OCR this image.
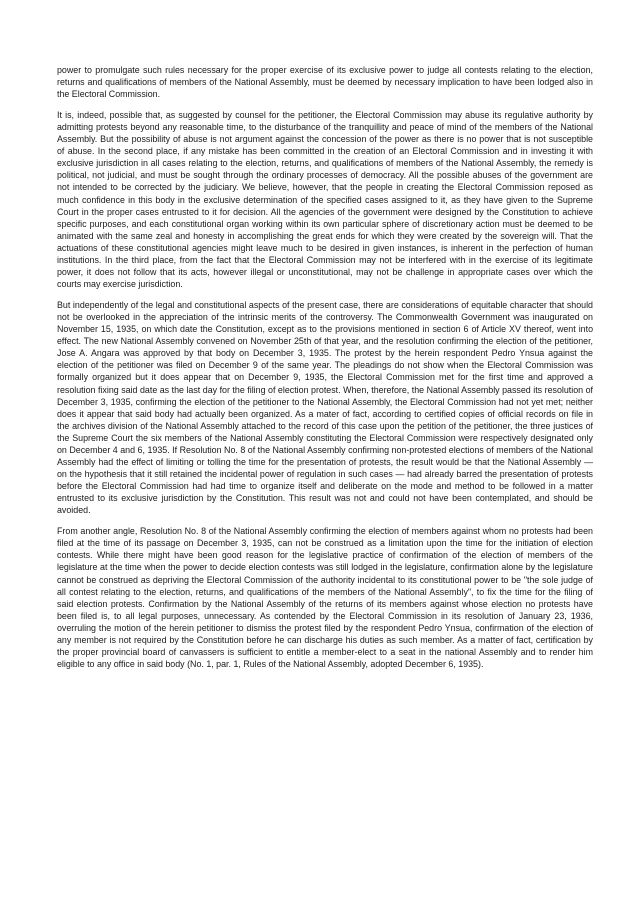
power to promulgate such rules necessary for the proper exercise of its exclusive power to judge all contests relating to the election, returns and qualifications of members of the National Assembly, must be deemed by necessary implication to have been lodged also in the Electoral Commission.

It is, indeed, possible that, as suggested by counsel for the petitioner, the Electoral Commission may abuse its regulative authority by admitting protests beyond any reasonable time, to the disturbance of the tranquillity and peace of mind of the members of the National Assembly. But the possibility of abuse is not argument against the concession of the power as there is no power that is not susceptible of abuse. In the second place, if any mistake has been committed in the creation of an Electoral Commission and in investing it with exclusive jurisdiction in all cases relating to the election, returns, and qualifications of members of the National Assembly, the remedy is political, not judicial, and must be sought through the ordinary processes of democracy. All the possible abuses of the government are not intended to be corrected by the judiciary. We believe, however, that the people in creating the Electoral Commission reposed as much confidence in this body in the exclusive determination of the specified cases assigned to it, as they have given to the Supreme Court in the proper cases entrusted to it for decision. All the agencies of the government were designed by the Constitution to achieve specific purposes, and each constitutional organ working within its own particular sphere of discretionary action must be deemed to be animated with the same zeal and honesty in accomplishing the great ends for which they were created by the sovereign will. That the actuations of these constitutional agencies might leave much to be desired in given instances, is inherent in the perfection of human institutions. In the third place, from the fact that the Electoral Commission may not be interfered with in the exercise of its legitimate power, it does not follow that its acts, however illegal or unconstitutional, may not be challenge in appropriate cases over which the courts may exercise jurisdiction.

But independently of the legal and constitutional aspects of the present case, there are considerations of equitable character that should not be overlooked in the appreciation of the intrinsic merits of the controversy. The Commonwealth Government was inaugurated on November 15, 1935, on which date the Constitution, except as to the provisions mentioned in section 6 of Article XV thereof, went into effect. The new National Assembly convened on November 25th of that year, and the resolution confirming the election of the petitioner, Jose A. Angara was approved by that body on December 3, 1935. The protest by the herein respondent Pedro Ynsua against the election of the petitioner was filed on December 9 of the same year. The pleadings do not show when the Electoral Commission was formally organized but it does appear that on December 9, 1935, the Electoral Commission met for the first time and approved a resolution fixing said date as the last day for the filing of election protest. When, therefore, the National Assembly passed its resolution of December 3, 1935, confirming the election of the petitioner to the National Assembly, the Electoral Commission had not yet met; neither does it appear that said body had actually been organized. As a mater of fact, according to certified copies of official records on file in the archives division of the National Assembly attached to the record of this case upon the petition of the petitioner, the three justices of the Supreme Court the six members of the National Assembly constituting the Electoral Commission were respectively designated only on December 4 and 6, 1935. If Resolution No. 8 of the National Assembly confirming non-protested elections of members of the National Assembly had the effect of limiting or tolling the time for the presentation of protests, the result would be that the National Assembly — on the hypothesis that it still retained the incidental power of regulation in such cases — had already barred the presentation of protests before the Electoral Commission had had time to organize itself and deliberate on the mode and method to be followed in a matter entrusted to its exclusive jurisdiction by the Constitution. This result was not and could not have been contemplated, and should be avoided.

From another angle, Resolution No. 8 of the National Assembly confirming the election of members against whom no protests had been filed at the time of its passage on December 3, 1935, can not be construed as a limitation upon the time for the initiation of election contests. While there might have been good reason for the legislative practice of confirmation of the election of members of the legislature at the time when the power to decide election contests was still lodged in the legislature, confirmation alone by the legislature cannot be construed as depriving the Electoral Commission of the authority incidental to its constitutional power to be "the sole judge of all contest relating to the election, returns, and qualifications of the members of the National Assembly", to fix the time for the filing of said election protests. Confirmation by the National Assembly of the returns of its members against whose election no protests have been filed is, to all legal purposes, unnecessary. As contended by the Electoral Commission in its resolution of January 23, 1936, overruling the motion of the herein petitioner to dismiss the protest filed by the respondent Pedro Ynsua, confirmation of the election of any member is not required by the Constitution before he can discharge his duties as such member. As a matter of fact, certification by the proper provincial board of canvassers is sufficient to entitle a member-elect to a seat in the national Assembly and to render him eligible to any office in said body (No. 1, par. 1, Rules of the National Assembly, adopted December 6, 1935).
